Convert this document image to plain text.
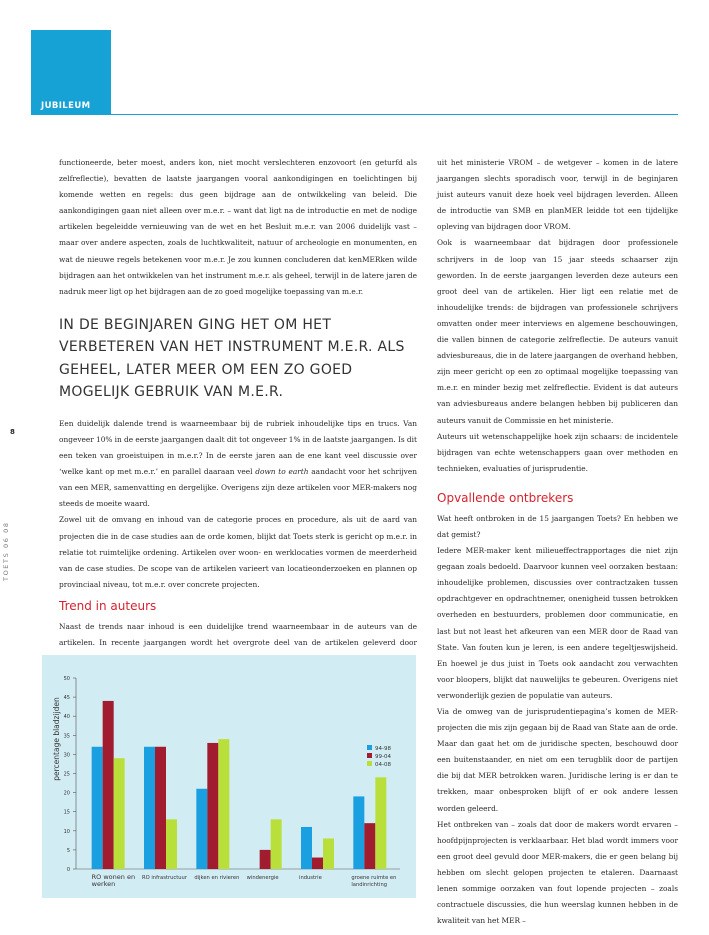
JUBILEUM
8
TOETS 06 08

functioneerde, beter moest, anders kon, niet mocht verslechteren enzovoort (en geturfd als zelfreflectie), bevatten de laatste jaargangen vooral aankondigingen en toelichtingen bij komende wetten en regels: dus geen bijdrage aan de ontwikkeling van beleid. Die aankondigingen gaan niet alleen over m.e.r. – want dat ligt na de introductie en met de nodige artikelen begeleidde vernieuwing van de wet en het Besluit m.e.r. van 2006 duidelijk vast – maar over andere aspecten, zoals de luchtkwaliteit, natuur of archeologie en monumenten, en wat de nieuwe regels betekenen voor m.e.r. Je zou kunnen concluderen dat kenMERken wilde bijdragen aan het ontwikkelen van het instrument m.e.r. als geheel, terwijl in de latere jaren de nadruk meer ligt op het bijdragen aan de zo goed mogelijke toepassing van m.e.r.

IN DE BEGINJAREN GING HET OM HET VERBETEREN VAN HET INSTRUMENT M.E.R. ALS GEHEEL, LATER MEER OM EEN ZO GOED MOGELIJK GEBRUIK VAN M.E.R.

Een duidelijk dalende trend is waarneembaar bij de rubriek inhoudelijke tips en trucs. Van ongeveer 10% in de eerste jaargangen daalt dit tot ongeveer 1% in de laatste jaargangen. Is dit een teken van groeistuipen in m.e.r.? In de eerste jaren aan de ene kant veel discussie over ‘welke kant op met m.e.r.’ en parallel daaraan veel down to earth aandacht voor het schrijven van een MER, samenvatting en dergelijke. Overigens zijn deze artikelen voor MER-makers nog steeds de moeite waard.

Zowel uit de omvang en inhoud van de categorie proces en procedure, als uit de aard van projecten die in de case studies aan de orde komen, blijkt dat Toets sterk is gericht op m.e.r. in relatie tot ruimtelijke ordening. Artikelen over woon- en werklocaties vormen de meerderheid van de case studies. De scope van de artikelen varieert van locatieonderzoeken en plannen op provinciaal niveau, tot m.e.r. over concrete projecten.

Trend in auteurs

Naast de trends naar inhoud is een duidelijke trend waarneembaar in de auteurs van de artikelen. In recente jaargangen wordt het overgrote deel van de artikelen geleverd door

uit het ministerie VROM – de wetgever – komen in de latere jaargangen slechts sporadisch voor, terwijl in de beginjaren juist auteurs vanuit deze hoek veel bijdragen leverden. Alleen de introductie van SMB en planMER leidde tot een tijdelijke opleving van bijdragen door VROM.

Ook is waarneembaar dat bijdragen door professionele schrijvers in de loop van 15 jaar steeds schaarser zijn geworden. In de eerste jaargangen leverden deze auteurs een groot deel van de artikelen. Hier ligt een relatie met de inhoudelijke trends: de bijdragen van professionele schrijvers omvatten onder meer interviews en algemene beschouwingen, die vallen binnen de categorie zelfreflectie. De auteurs vanuit adviesbureaus, die in de latere jaargangen de overhand hebben, zijn meer gericht op een zo optimaal mogelijke toepassing van m.e.r. en minder bezig met zelfreflectie. Evident is dat auteurs van adviesbureaus andere belangen hebben bij publiceren dan auteurs vanuit de Commissie en het ministerie.

Auteurs uit wetenschappelijke hoek zijn schaars: de incidentele bijdragen van echte wetenschappers gaan over methoden en technieken, evaluaties of jurisprudentie.

Opvallende ontbrekers

Wat heeft ontbroken in de 15 jaargangen Toets? En hebben we dat gemist?

Iedere MER-maker kent milieueffectrapportages die niet zijn gegaan zoals bedoeld. Daarvoor kunnen veel oorzaken bestaan: inhoudelijke problemen, discussies over contractzaken tussen opdrachtgever en opdrachtnemer, onenigheid tussen betrokken overheden en bestuurders, problemen door communicatie, en last but not least het afkeuren van een MER door de Raad van State. Van fouten kun je leren, is een andere tegeltjeswijsheid. En hoewel je dus juist in Toets ook aandacht zou verwachten voor bloopers, blijkt dat nauwelijks te gebeuren. Overigens niet verwonderlijk gezien de populatie van auteurs.

Via de omweg van de jurisprudentiepagina’s komen de MER-projecten die mis zijn gegaan bij de Raad van State aan de orde. Maar dan gaat het om de juridische specten, beschouwd door een buitenstaander, en niet om een terugblik door de partijen die bij dat MER betrokken waren. Juridische lering is er dan te trekken, maar onbesproken blijft of er ook andere lessen worden geleerd.

Het ontbreken van – zoals dat door de makers wordt ervaren – hoofdpijnprojecten is verklaarbaar. Het blad wordt immers voor een groot deel gevuld door MER-makers, die er geen belang bij hebben om slecht gelopen projecten te etaleren. Daarnaast lenen sommige oorzaken van fout lopende projecten – zoals contractuele discussies, die hun weerslag kunnen hebben in de kwaliteit van het MER –

0
5
10
15
20
25
30
35
40
45
50
percentage bladzijden
RO wonen en
werken
RO infrastructuur dijken en rivieren windenergie	industrie	groene ruimte en
landinrichting
94-98
99-04
04-08
